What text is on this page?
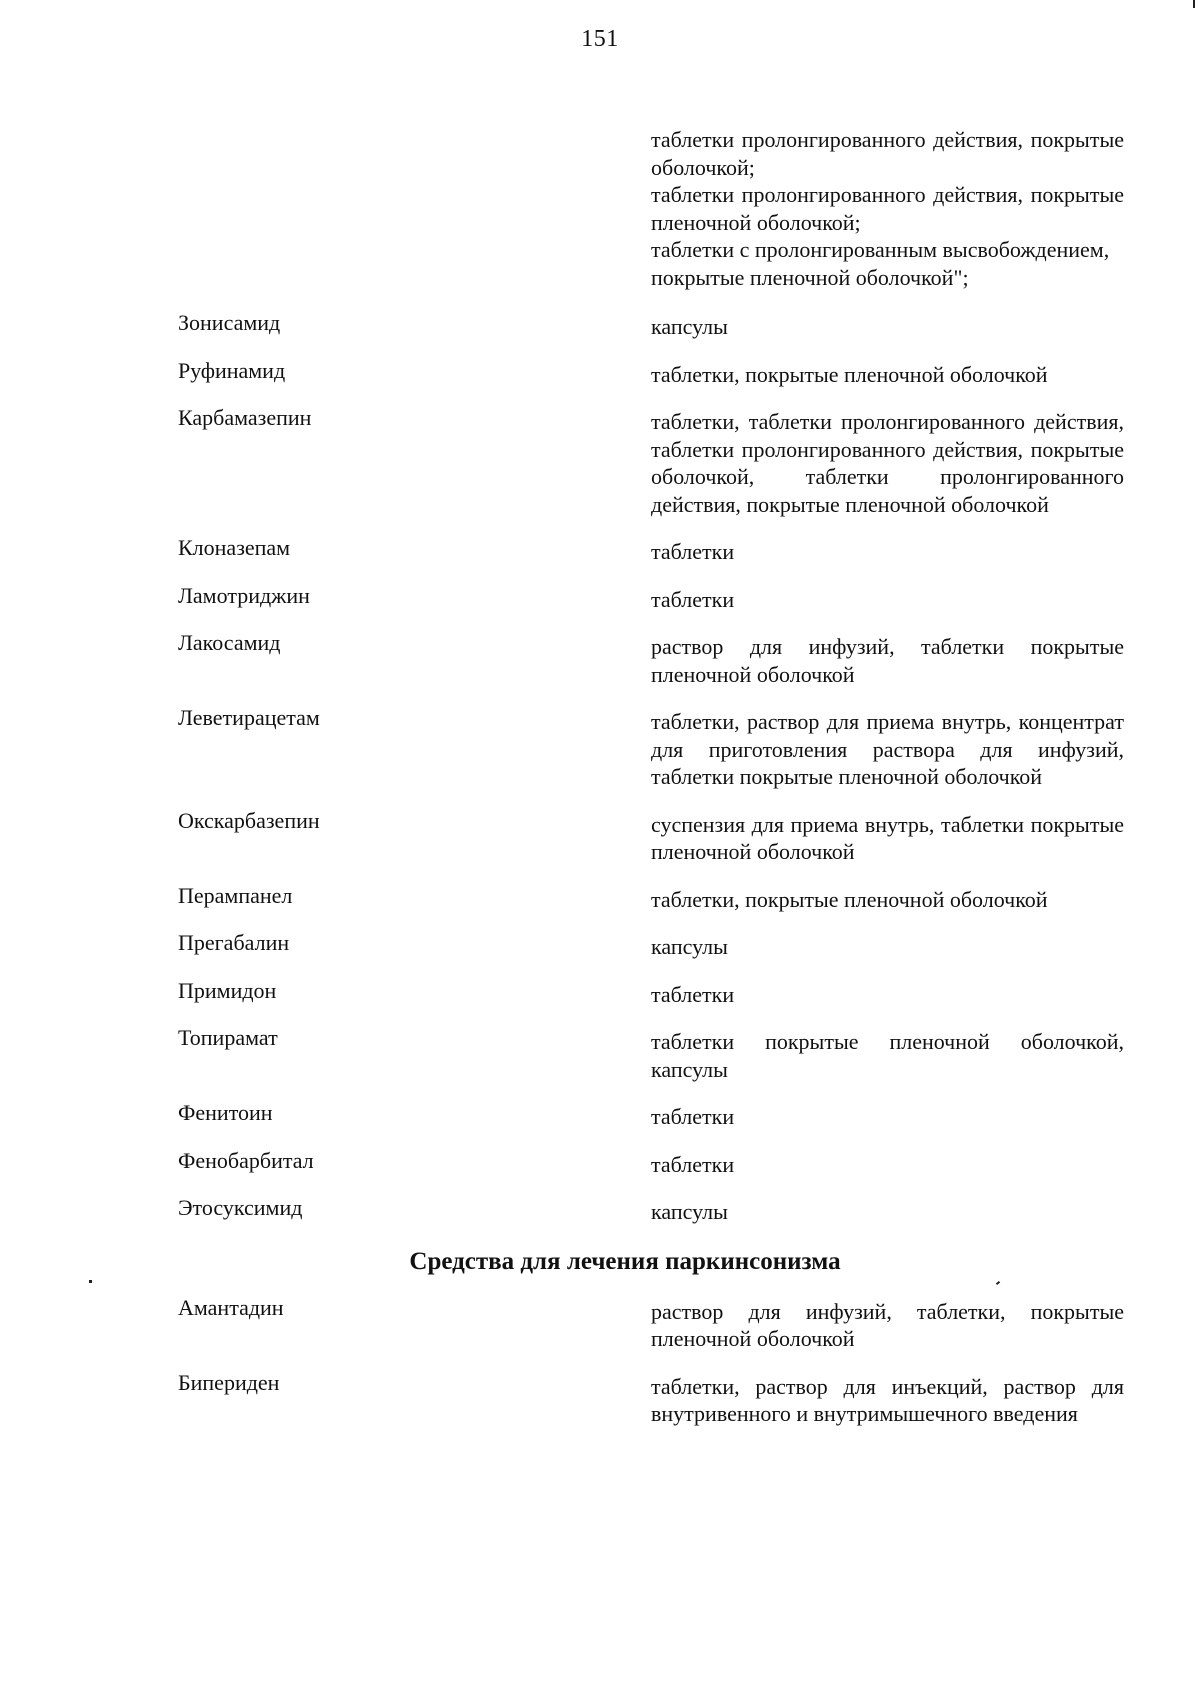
151
таблетки пролонгированного действия, покрытые оболочкой;
таблетки пролонгированного действия, покрытые пленочной оболочкой;
таблетки с пролонгированным высвобождением, покрытые пленочной оболочкой";
Зонисамид	капсулы
Руфинамид	таблетки, покрытые пленочной оболочкой
Карбамазепин	таблетки, таблетки пролонгированного действия, таблетки пролонгированного действия, покрытые оболочкой, таблетки пролонгированного действия, покрытые пленочной оболочкой
Клоназепам	таблетки
Ламотриджин	таблетки
Лакосамид	раствор для инфузий, таблетки покрытые пленочной оболочкой
Леветирацетам	таблетки, раствор для приема внутрь, концентрат для приготовления раствора для инфузий, таблетки покрытые пленочной оболочкой
Окскарбазепин	суспензия для приема внутрь, таблетки покрытые пленочной оболочкой
Перампанел	таблетки, покрытые пленочной оболочкой
Прегабалин	капсулы
Примидон	таблетки
Топирамат	таблетки покрытые пленочной оболочкой, капсулы
Фенитоин	таблетки
Фенобарбитал	таблетки
Этосуксимид	капсулы
Средства для лечения паркинсонизма
Амантадин	раствор для инфузий, таблетки, покрытые пленочной оболочкой
Бипериден	таблетки, раствор для инъекций, раствор для внутривенного и внутримышечного введения
